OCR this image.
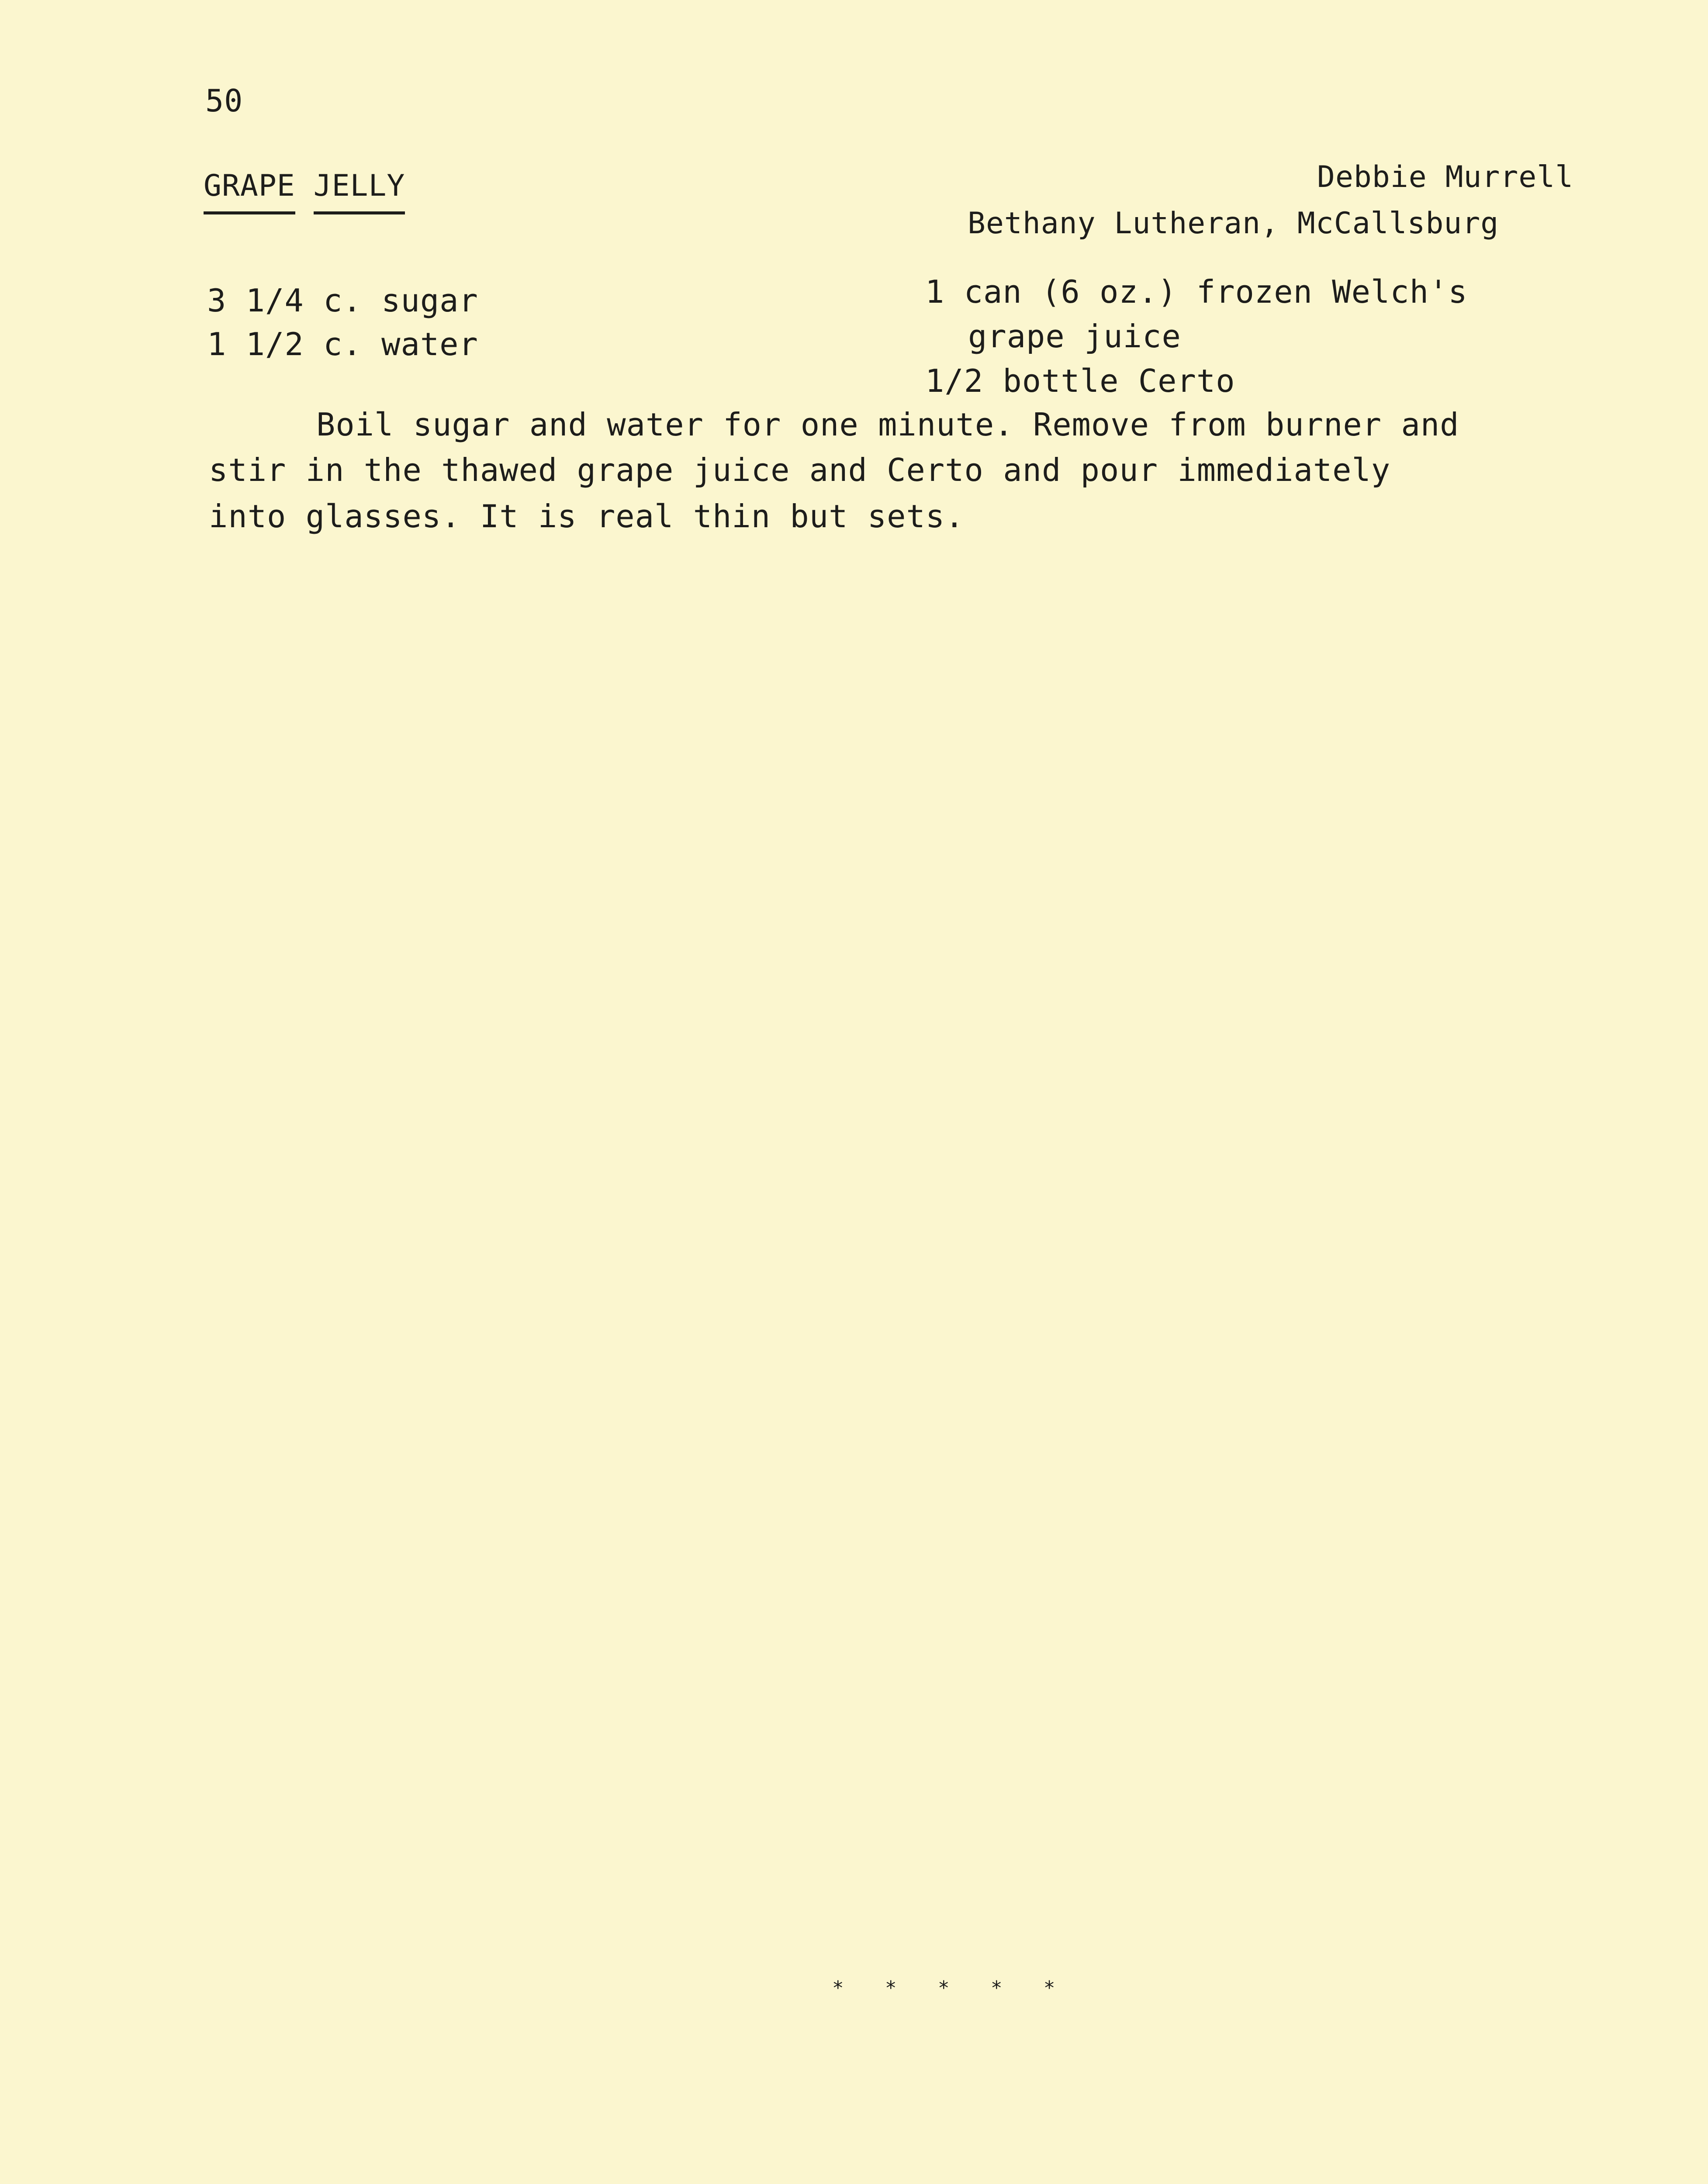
50
GRAPE JELLY	Debbie Murrell
Bethany Lutheran, McCallsburg
3 1/4 c. sugar
1 1/2 c. water
1 can (6 oz.) frozen Welch's
grape juice
1/2 bottle Certo
Boil sugar and water for one minute. Remove from burner and
stir in the thawed grape juice and Certo and pour immediately
into glasses. It is real thin but sets.
* * * * *
